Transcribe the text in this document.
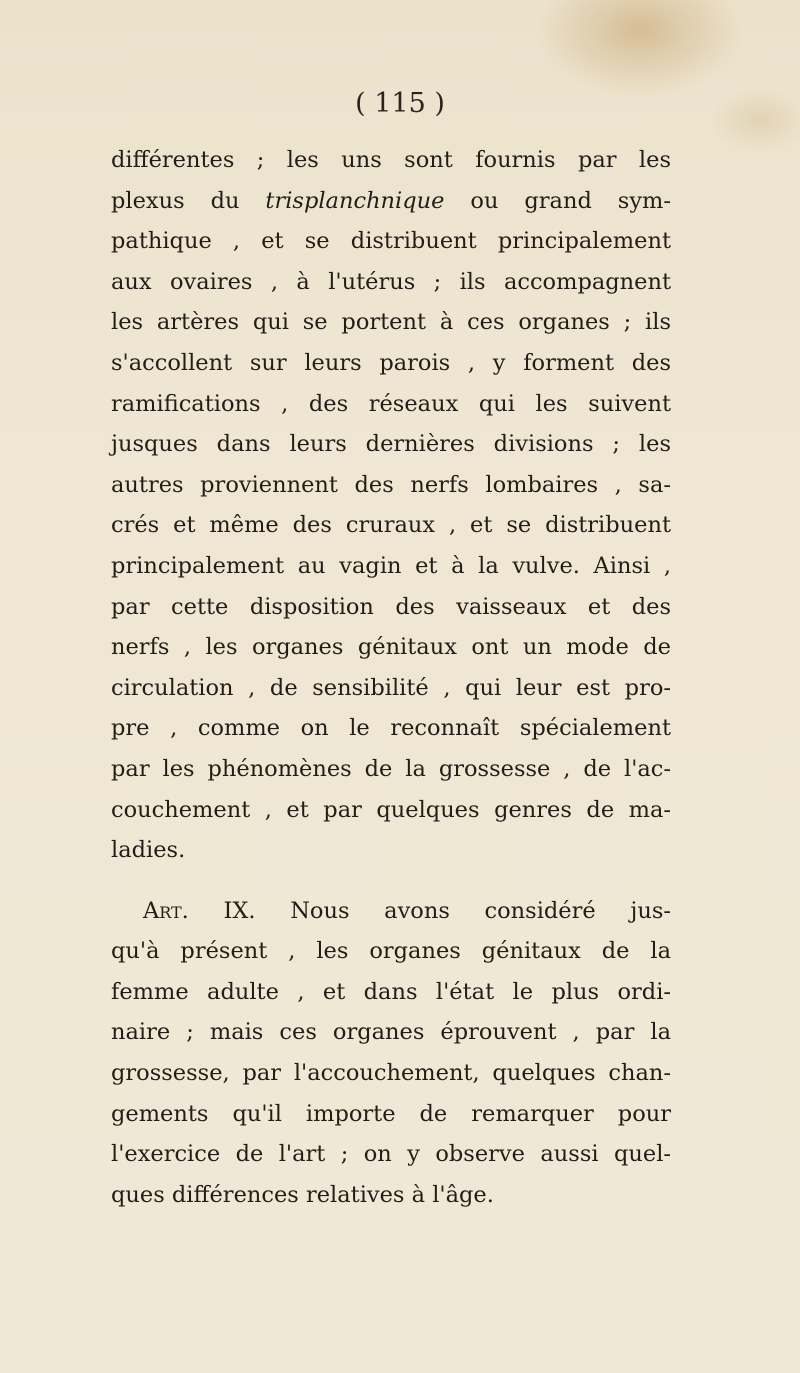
( 115 )
différentes ; les uns sont fournis par les
plexus du trisplanchnique ou grand sym-
pathique , et se distribuent principalement
aux ovaires , à l'utérus ; ils accompagnent
les artères qui se portent à ces organes ; ils
s'accollent sur leurs parois , y forment des
ramifications , des réseaux qui les suivent
jusques dans leurs dernières divisions ; les
autres proviennent des nerfs lombaires , sa-
crés et même des cruraux , et se distribuent
principalement au vagin et à la vulve. Ainsi ,
par cette disposition des vaisseaux et des
nerfs , les organes génitaux ont un mode de
circulation , de sensibilité , qui leur est pro-
pre , comme on le reconnaît spécialement
par les phénomènes de la grossesse , de l'ac-
couchement , et par quelques genres de ma-
ladies.
Art. IX. Nous avons considéré jus-
qu'à présent , les organes génitaux de la
femme adulte , et dans l'état le plus ordi-
naire ; mais ces organes éprouvent , par la
grossesse, par l'accouchement, quelques chan-
gements qu'il importe de remarquer pour
l'exercice de l'art ; on y observe aussi quel-
ques différences relatives à l'âge.
